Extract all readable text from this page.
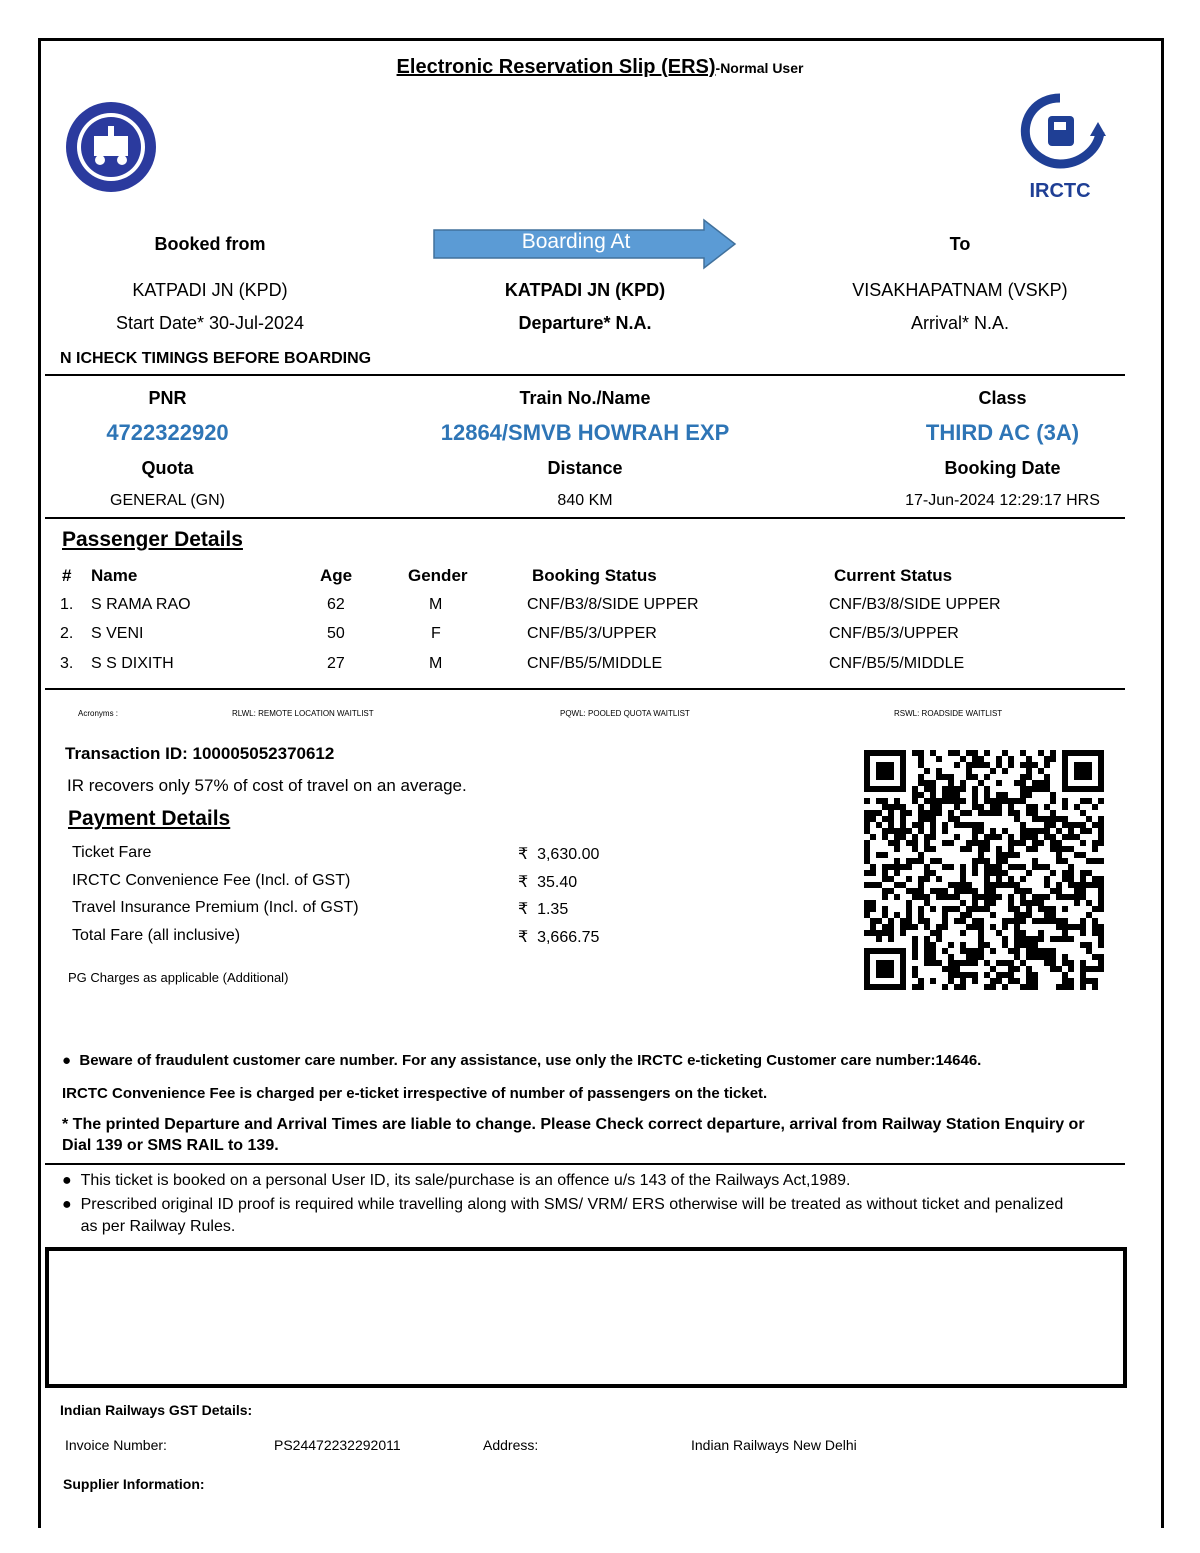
Electronic Reservation Slip (ERS)-Normal User
IRCTC
Booked from	Boarding At	To
KATPADI JN (KPD)	KATPADI JN (KPD)	VISAKHAPATNAM (VSKP)
Start Date* 30-Jul-2024	Departure* N.A.	Arrival* N.A.
N ICHECK TIMINGS BEFORE BOARDING
PNR	Train No./Name	Class
4722322920	12864/SMVB HOWRAH EXP	THIRD AC (3A)
Quota	Distance	Booking Date
GENERAL (GN)	840 KM	17-Jun-2024 12:29:17 HRS
Passenger Details
# Name	Age	Gender	Booking Status	Current Status
1. S RAMA RAO	62	M	CNF/B3/8/SIDE UPPER	CNF/B3/8/SIDE UPPER
2. S VENI	50	F	CNF/B5/3/UPPER	CNF/B5/3/UPPER
3. S S DIXITH	27	M	CNF/B5/5/MIDDLE	CNF/B5/5/MIDDLE
Acronyms :	RLWL: REMOTE LOCATION WAITLIST	PQWL: POOLED QUOTA WAITLIST	RSWL: ROADSIDE WAITLIST
Transaction ID: 100005052370612
IR recovers only 57% of cost of travel on an average.
Payment Details
Ticket Fare	₹ 3,630.00
IRCTC Convenience Fee (Incl. of GST)	₹ 35.40
Travel Insurance Premium (Incl. of GST)	₹ 1.35
Total Fare (all inclusive)	₹ 3,666.75
PG Charges as applicable (Additional)
● Beware of fraudulent customer care number. For any assistance, use only the IRCTC e-ticketing Customer care number:14646.
IRCTC Convenience Fee is charged per e-ticket irrespective of number of passengers on the ticket.
* The printed Departure and Arrival Times are liable to change. Please Check correct departure, arrival from Railway Station Enquiry or Dial 139 or SMS RAIL to 139.
● This ticket is booked on a personal User ID, its sale/purchase is an offence u/s 143 of the Railways Act,1989.
●
Prescribed original ID proof is required while travelling along with SMS/ VRM/ ERS otherwise will be treated as without ticket and penalized as per Railway Rules.
Indian Railways GST Details:
Invoice Number:	PS24472232292011	Address:	Indian Railways New Delhi
Supplier Information:
